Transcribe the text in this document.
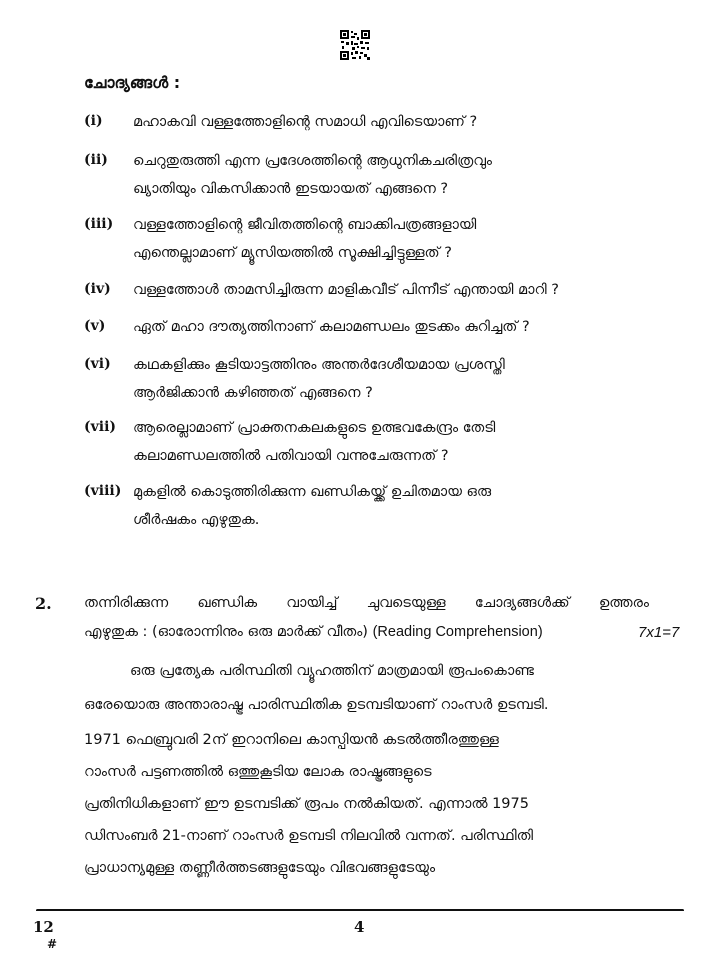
ചോദ്യങ്ങൾ :
(i) മഹാകവി വള്ളത്തോളിന്റെ സമാധി എവിടെയാണ് ?
(ii) ചെറുതുരുത്തി എന്ന പ്രദേശത്തിന്റെ ആധുനികചരിത്രവും
ഖ്യാതിയും വികസിക്കാൻ ഇടയായത് എങ്ങനെ ?
(iii) വള്ളത്തോളിന്റെ ജീവിതത്തിന്റെ ബാക്കിപത്രങ്ങളായി
എന്തെല്ലാമാണ് മ്യൂസിയത്തിൽ സൂക്ഷിച്ചിട്ടുള്ളത് ?
(iv) വള്ളത്തോൾ താമസിച്ചിരുന്ന മാളികവീട് പിന്നീട് എന്തായി മാറി ?
(v) ഏത് മഹാ ദൗത്യത്തിനാണ് കലാമണ്ഡലം തുടക്കം കുറിച്ചത് ?
(vi) കഥകളിക്കും കൂടിയാട്ടത്തിനും അന്തർദേശീയമായ പ്രശസ്തി
ആർജിക്കാൻ കഴിഞ്ഞത് എങ്ങനെ ?
(vii) ആരെല്ലാമാണ് പ്രാക്തനകലകളുടെ ഉത്ഭവകേന്ദ്രം തേടി
കലാമണ്ഡലത്തിൽ പതിവായി വന്നുചേരുന്നത് ?
(viii) മുകളിൽ കൊടുത്തിരിക്കുന്ന ഖണ്ഡികയ്ക്ക് ഉചിതമായ ഒരു
ശീർഷകം എഴുതുക.
2. തന്നിരിക്കുന്ന ഖണ്ഡിക വായിച്ച് ചുവടെയുള്ള ചോദ്യങ്ങൾക്ക് ഉത്തരം
എഴുതുക : (ഓരോന്നിനും ഒരു മാർക്ക് വീതം) (Reading Comprehension)	7x1=7
ഒരു പ്രത്യേക പരിസ്ഥിതി വ്യൂഹത്തിന് മാത്രമായി രൂപംകൊണ്ട
ഒരേയൊരു അന്താരാഷ്ട്ര പാരിസ്ഥിതിക ഉടമ്പടിയാണ് റാംസർ ഉടമ്പടി.
1971 ഫെബ്രുവരി 2ന് ഇറാനിലെ കാസ്പിയൻ കടൽത്തീരത്തുള്ള
റാംസർ പട്ടണത്തിൽ ഒത്തുകൂടിയ ലോക രാഷ്ട്രങ്ങളുടെ
പ്രതിനിധികളാണ് ഈ ഉടമ്പടിക്ക് രൂപം നൽകിയത്. എന്നാൽ 1975
ഡിസംബർ 21-നാണ് റാംസർ ഉടമ്പടി നിലവിൽ വന്നത്. പരിസ്ഥിതി
പ്രാധാന്യമുള്ള തണ്ണീർത്തടങ്ങളുടേയും വിഭവങ്ങളുടേയും
12
#
4
